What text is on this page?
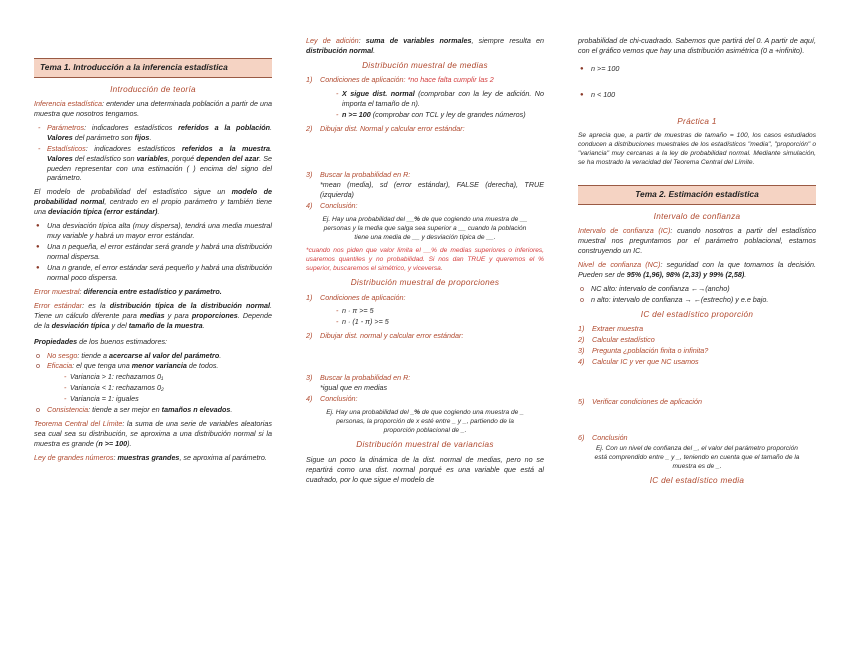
Tema 1. Introducción a la inferencia estadística
Introducción de teoría

Inferencia estadística: entender una determinada población a partir de una muestra que nosotros tengamos.

- Parámetros: indicadores estadísticos referidos a la población. Valores del parámetro son fijos.
- Estadísticos: indicadores estadísticos referidos a la muestra. Valores del estadístico son variables, porqué dependen del azar. Se pueden representar con una estimación ( ) encima del signo del parámetro.

El modelo de probabilidad del estadístico sigue un modelo de probabilidad normal, centrado en el propio parámetro y también tiene una deviación típica (error estándar).

● Una desviación típica alta (muy dispersa), tendrá una media muestral muy variable y habrá un mayor error estándar.
● Una n pequeña, el error estándar será grande y habrá una distribución normal dispersa.
● Una n grande, el error estándar será pequeño y habrá una distribución normal poco dispersa.

Error muestral: diferencia entre estadístico y parámetro.

Error estándar: es la distribución típica de la distribución normal. Tiene un cálculo diferente para medias y para proporciones. Depende de la desviación típica y del tamaño de la muestra.

Propiedades de los buenos estimadores:

o No sesgo: tiende a acercarse al valor del parámetro.
o Eficacia: el que tenga una menor variancia de todos.
- Variancia > 1: rechazamos 0₁
- Variancia < 1: rechazamos 0₂
- Variancia = 1: iguales
o Consistencia: tiende a ser mejor en tamaños n elevados.

Teorema Central del Límite: la suma de una serie de variables aleatorias sea cual sea su distribución, se aproxima a una distribución normal si la muestra es grande (n >= 100).

Ley de grandes números: muestras grandes, se aproxima al parámetro.

Ley de adición: suma de variables normales, siempre resulta en distribución normal.

Distribución muestral de medias
1) Condiciones de aplicación: *no hace falta cumplir las 2
- X sigue dist. normal (comprobar con la ley de adición. No importa el tamaño de n).
- n >= 100 (comprobar con TCL y ley de grandes números)
2) Dibujar dist. Normal y calcular error estándar:
3) Buscar la probabilidad en R:
*mean (media), sd (error estándar), FALSE (derecha), TRUE (izquierda)
4) Conclusión:

Ej. Hay una probabilidad del __% de que cogiendo una muestra de __ personas y la media que salga sea superior a __ cuando la población tiene una media de __ y desviación típica de __.

*cuando nos piden que valor limita el __% de medias superiores o inferiores, usaremos quantiles y no probabilidad. Si nos dan TRUE y queremos el % superior, buscaremos el simétrico, y viceversa.

Distribución muestral de proporciones
1) Condiciones de aplicación:
- n · π >= 5
- n · (1 - π) >= 5
2) Dibujar dist. normal y calcular error estándar:
3) Buscar la probabilidad en R:
*igual que en medias
4) Conclusión:

Ej. Hay una probabilidad del _% de que cogiendo una muestra de _ personas, la proporción de x esté entre _ y _, partiendo de la proporción poblacional de _.

Distribución muestral de variancias

Sigue un poco la dinámica de la dist. normal de medias, pero no se repartirá como una dist. normal porqué es una variable que está al cuadrado, por lo que sigue el modelo de

probabilidad de chi-cuadrado. Sabemos que partirá del 0. A partir de aquí, con el gráfico vemos que hay una distribución asimétrica (0 a +infinito).

● n >= 100
● n < 100
Práctica 1

Se aprecia que, a partir de muestras de tamaño = 100, los casos estudiados conducen a distribuciones muestrales de los estadísticos "media", "proporción" o "variancia" muy cercanas a la ley de probabilidad normal. Mediante simulación, se ha mostrado la veracidad del Teorema Central del Límite.

Tema 2. Estimación estadística
Intervalo de confianza

Intervalo de confianza (IC): cuando nosotros a partir del estadístico muestral nos preguntamos por el parámetro poblacional, estamos construyendo un IC.

Nivel de confianza (NC): seguridad con la que tomamos la decisión. Pueden ser de 95% (1,96), 98% (2,33) y 99% (2,58).

o NC alto: intervalo de confianza ←→(ancho)
o n alto: intervalo de confianza → ←(estrecho) y e.e bajo.
IC del estadístico proporción
1) Extraer muestra
2) Calcular estadístico
3) Pregunta ¿población finita o infinita?
4) Calcular IC y ver que NC usamos
5) Verificar condiciones de aplicación
6) Conclusión

Ej. Con un nivel de confianza del _, el valor del parámetro proporción está comprendido entre _ y _, teniendo en cuenta que el tamaño de la muestra es de _.

IC del estadístico media
